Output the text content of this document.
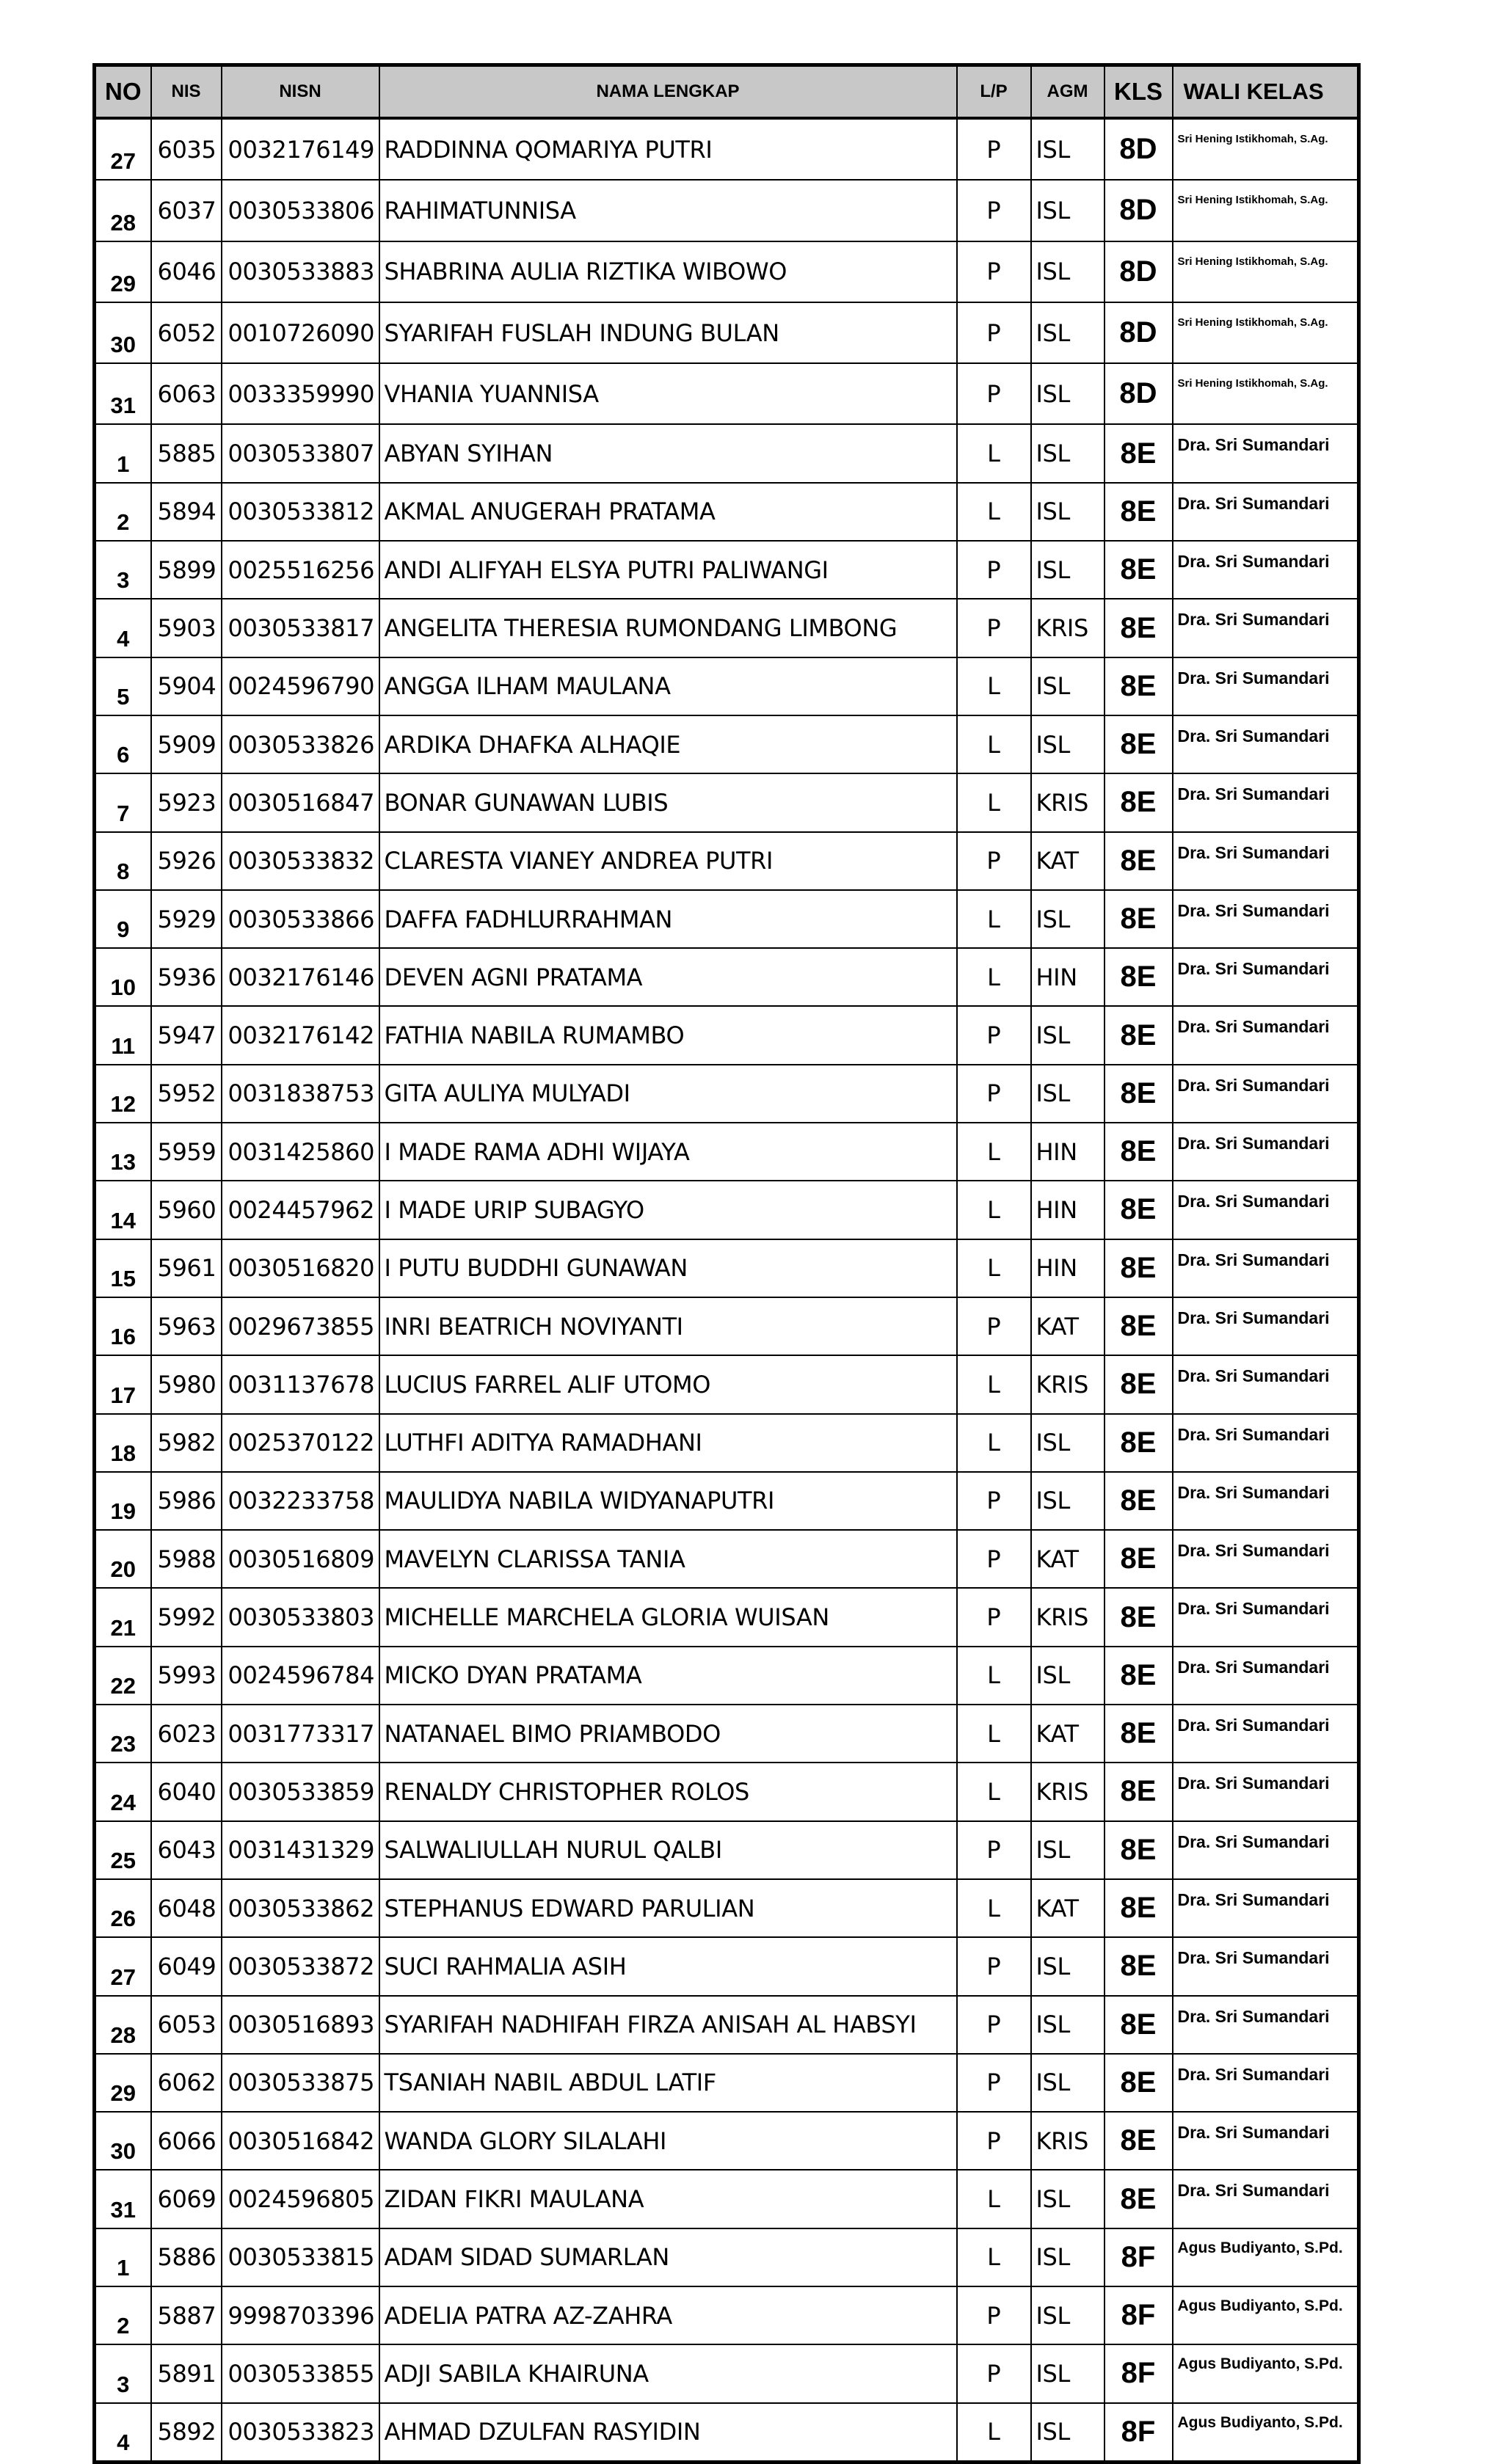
NO	NIS	NISN	NAMA LENGKAP	L/P	AGM	KLS	WALI KELAS
27	6035	0032176149	RADDINNA QOMARIYA PUTRI	P	ISL	8D	Sri Hening Istikhomah, S.Ag.
28	6037	0030533806	RAHIMATUNNISA	P	ISL	8D	Sri Hening Istikhomah, S.Ag.
29	6046	0030533883	SHABRINA AULIA RIZTIKA WIBOWO	P	ISL	8D	Sri Hening Istikhomah, S.Ag.
30	6052	0010726090	SYARIFAH FUSLAH INDUNG BULAN	P	ISL	8D	Sri Hening Istikhomah, S.Ag.
31	6063	0033359990	VHANIA YUANNISA	P	ISL	8D	Sri Hening Istikhomah, S.Ag.
1	5885	0030533807	ABYAN SYIHAN	L	ISL	8E	Dra. Sri Sumandari
2	5894	0030533812	AKMAL ANUGERAH PRATAMA	L	ISL	8E	Dra. Sri Sumandari
3	5899	0025516256	ANDI ALIFYAH ELSYA PUTRI PALIWANGI	P	ISL	8E	Dra. Sri Sumandari
4	5903	0030533817	ANGELITA THERESIA RUMONDANG LIMBONG	P	KRIS	8E	Dra. Sri Sumandari
5	5904	0024596790	ANGGA ILHAM MAULANA	L	ISL	8E	Dra. Sri Sumandari
6	5909	0030533826	ARDIKA DHAFKA ALHAQIE	L	ISL	8E	Dra. Sri Sumandari
7	5923	0030516847	BONAR GUNAWAN LUBIS	L	KRIS	8E	Dra. Sri Sumandari
8	5926	0030533832	CLARESTA VIANEY ANDREA PUTRI	P	KAT	8E	Dra. Sri Sumandari
9	5929	0030533866	DAFFA FADHLURRAHMAN	L	ISL	8E	Dra. Sri Sumandari
10	5936	0032176146	DEVEN AGNI PRATAMA	L	HIN	8E	Dra. Sri Sumandari
11	5947	0032176142	FATHIA NABILA RUMAMBO	P	ISL	8E	Dra. Sri Sumandari
12	5952	0031838753	GITA AULIYA MULYADI	P	ISL	8E	Dra. Sri Sumandari
13	5959	0031425860	I MADE RAMA ADHI WIJAYA	L	HIN	8E	Dra. Sri Sumandari
14	5960	0024457962	I MADE URIP SUBAGYO	L	HIN	8E	Dra. Sri Sumandari
15	5961	0030516820	I PUTU BUDDHI GUNAWAN	L	HIN	8E	Dra. Sri Sumandari
16	5963	0029673855	INRI BEATRICH NOVIYANTI	P	KAT	8E	Dra. Sri Sumandari
17	5980	0031137678	LUCIUS FARREL ALIF UTOMO	L	KRIS	8E	Dra. Sri Sumandari
18	5982	0025370122	LUTHFI ADITYA RAMADHANI	L	ISL	8E	Dra. Sri Sumandari
19	5986	0032233758	MAULIDYA NABILA WIDYANAPUTRI	P	ISL	8E	Dra. Sri Sumandari
20	5988	0030516809	MAVELYN CLARISSA TANIA	P	KAT	8E	Dra. Sri Sumandari
21	5992	0030533803	MICHELLE MARCHELA GLORIA WUISAN	P	KRIS	8E	Dra. Sri Sumandari
22	5993	0024596784	MICKO DYAN PRATAMA	L	ISL	8E	Dra. Sri Sumandari
23	6023	0031773317	NATANAEL BIMO PRIAMBODO	L	KAT	8E	Dra. Sri Sumandari
24	6040	0030533859	RENALDY CHRISTOPHER ROLOS	L	KRIS	8E	Dra. Sri Sumandari
25	6043	0031431329	SALWALIULLAH NURUL QALBI	P	ISL	8E	Dra. Sri Sumandari
26	6048	0030533862	STEPHANUS EDWARD PARULIAN	L	KAT	8E	Dra. Sri Sumandari
27	6049	0030533872	SUCI RAHMALIA ASIH	P	ISL	8E	Dra. Sri Sumandari
28	6053	0030516893	SYARIFAH NADHIFAH FIRZA ANISAH AL HABSYI	P	ISL	8E	Dra. Sri Sumandari
29	6062	0030533875	TSANIAH NABIL ABDUL LATIF	P	ISL	8E	Dra. Sri Sumandari
30	6066	0030516842	WANDA GLORY SILALAHI	P	KRIS	8E	Dra. Sri Sumandari
31	6069	0024596805	ZIDAN FIKRI MAULANA	L	ISL	8E	Dra. Sri Sumandari
1	5886	0030533815	ADAM SIDAD SUMARLAN	L	ISL	8F	Agus Budiyanto, S.Pd.
2	5887	9998703396	ADELIA PATRA AZ-ZAHRA	P	ISL	8F	Agus Budiyanto, S.Pd.
3	5891	0030533855	ADJI SABILA KHAIRUNA	P	ISL	8F	Agus Budiyanto, S.Pd.
4	5892	0030533823	AHMAD DZULFAN RASYIDIN	L	ISL	8F	Agus Budiyanto, S.Pd.
